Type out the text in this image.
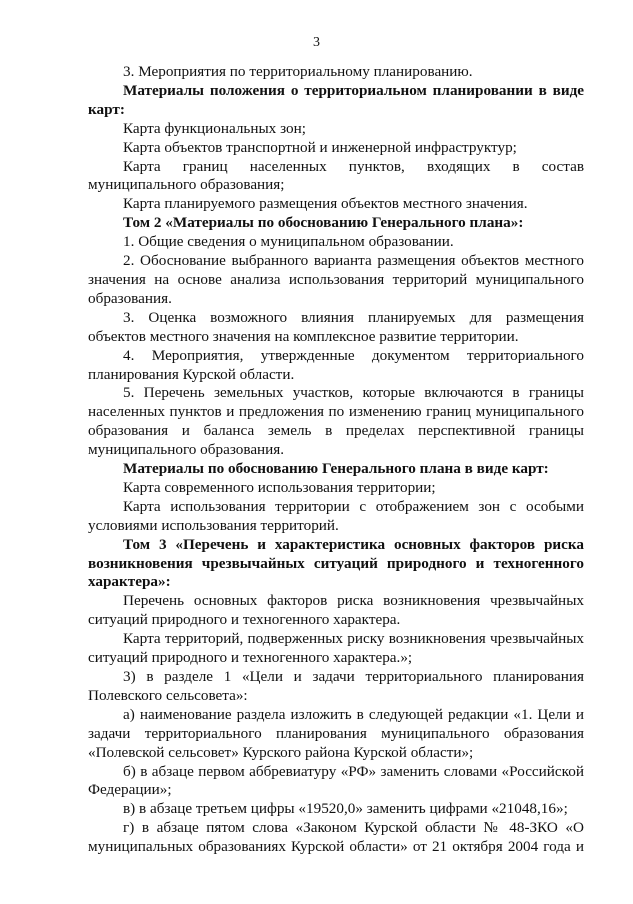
3
3. Мероприятия по территориальному планированию.
Материалы положения о территориальном планировании в виде карт:
Карта функциональных зон;
Карта объектов транспортной и инженерной инфраструктур;
Карта границ населенных пунктов, входящих в состав муниципального образования;
Карта планируемого размещения объектов местного значения.
Том 2 «Материалы по обоснованию Генерального плана»:
1. Общие сведения о муниципальном образовании.
2. Обоснование выбранного варианта размещения объектов местного значения на основе анализа использования территорий муниципального образования.
3. Оценка возможного влияния планируемых для размещения объектов местного значения на комплексное развитие территории.
4. Мероприятия, утвержденные документом территориального планирования Курской области.
5. Перечень земельных участков, которые включаются в границы населенных пунктов и предложения по изменению границ муниципального образования и баланса земель в пределах перспективной границы муниципального образования.
Материалы по обоснованию Генерального плана в виде карт:
Карта современного использования территории;
Карта использования территории с отображением зон с особыми условиями использования территорий.
Том 3 «Перечень и характеристика основных факторов риска возникновения чрезвычайных ситуаций природного и техногенного характера»:
Перечень основных факторов риска возникновения чрезвычайных ситуаций природного и техногенного характера.
Карта территорий, подверженных риску возникновения чрезвычайных ситуаций природного и техногенного характера.»;
3) в разделе 1 «Цели и задачи территориального планирования Полевского сельсовета»:
а) наименование раздела изложить в следующей редакции «1. Цели и задачи территориального планирования муниципального образования «Полевской сельсовет» Курского района Курской области»;
б) в абзаце первом аббревиатуру «РФ» заменить словами «Российской Федерации»;
в) в абзаце третьем цифры «19520,0» заменить цифрами «21048,16»;
г) в абзаце пятом слова «Законом Курской области № 48-ЗКО «О муниципальных образованиях Курской области» от 21 октября 2004 года и
